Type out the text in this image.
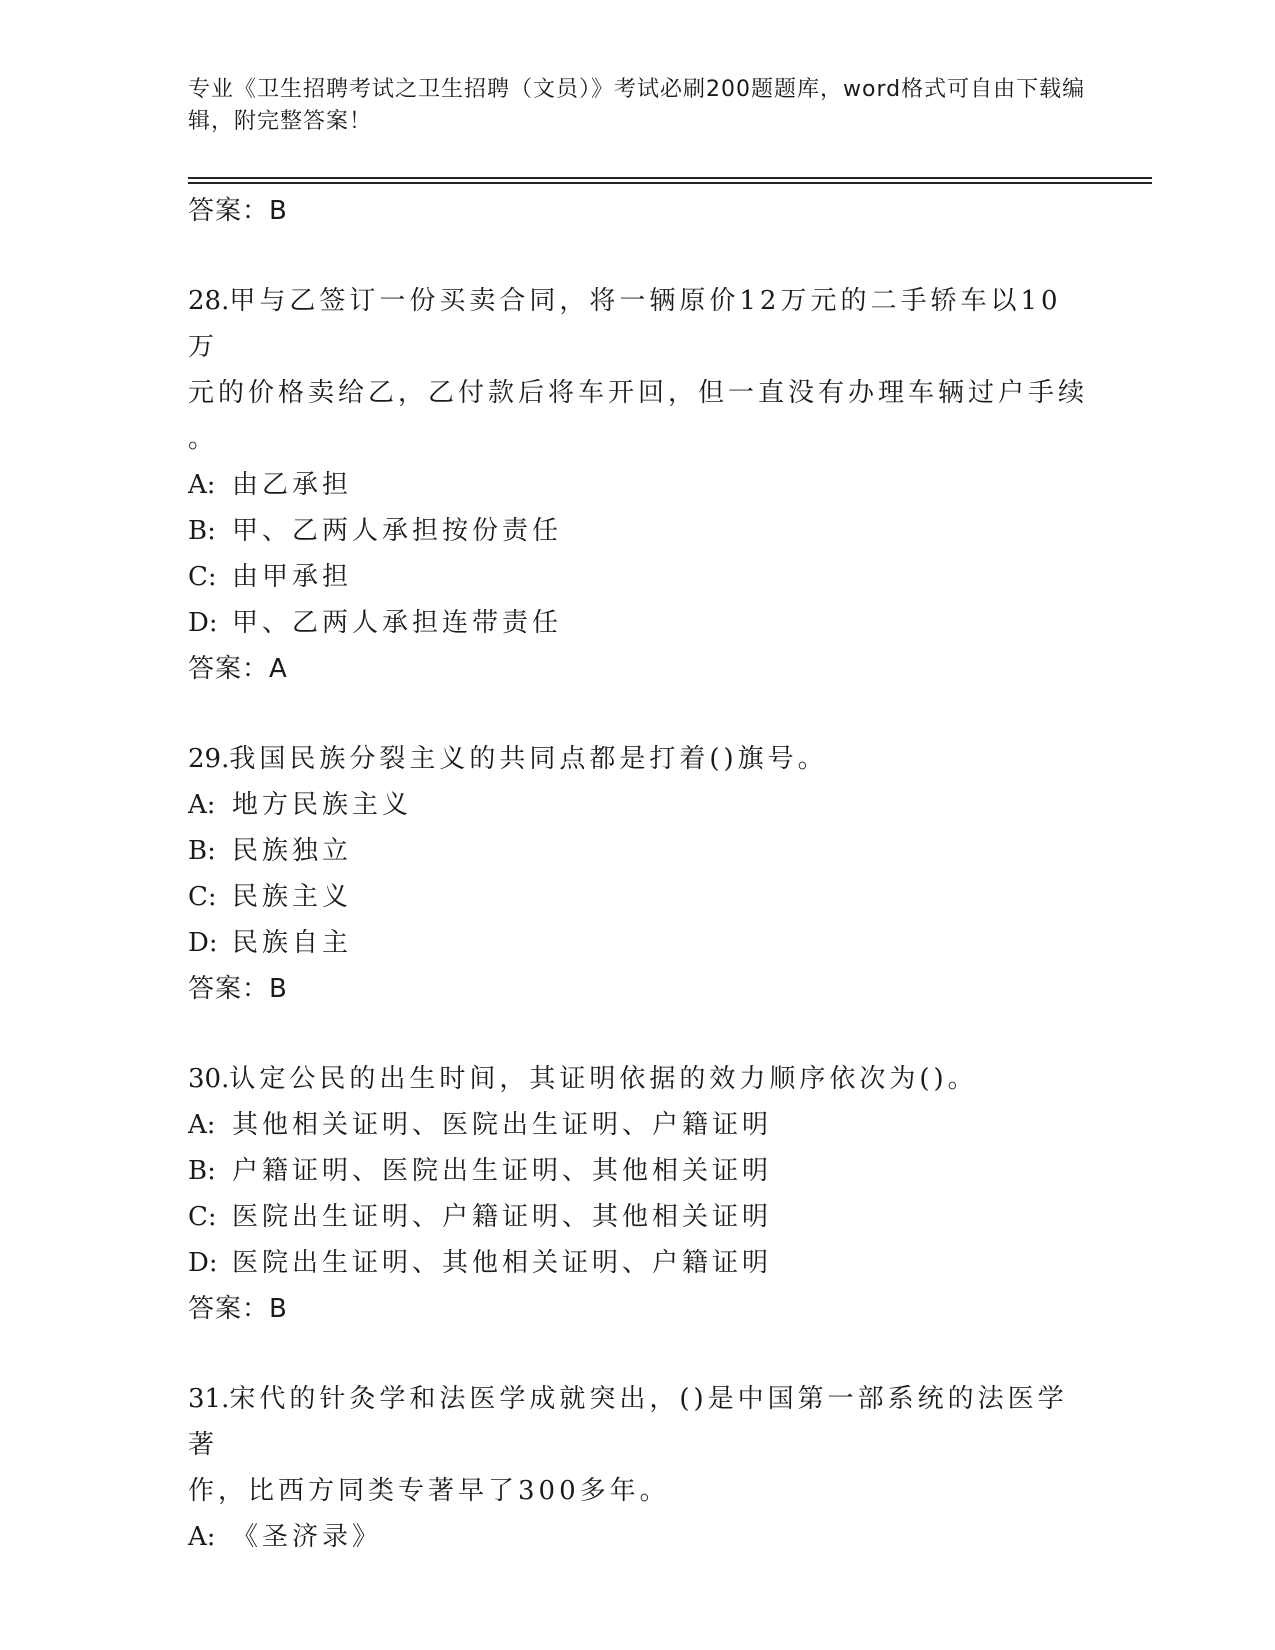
专业《卫生招聘考试之卫生招聘（文员）》考试必刷200题题库，word格式可自由下载编辑，附完整答案！
答案：B
28.甲与乙签订一份买卖合同，将一辆原价12万元的二手轿车以10万
元的价格卖给乙，乙付款后将车开回，但一直没有办理车辆过户手续
。
A: 由乙承担
B: 甲、乙两人承担按份责任
C: 由甲承担
D: 甲、乙两人承担连带责任
答案：A
29.我国民族分裂主义的共同点都是打着()旗号。
A: 地方民族主义
B: 民族独立
C: 民族主义
D: 民族自主
答案：B
30.认定公民的出生时间，其证明依据的效力顺序依次为()。
A: 其他相关证明、医院出生证明、户籍证明
B: 户籍证明、医院出生证明、其他相关证明
C: 医院出生证明、户籍证明、其他相关证明
D: 医院出生证明、其他相关证明、户籍证明
答案：B
31.宋代的针灸学和法医学成就突出，()是中国第一部系统的法医学著
作，比西方同类专著早了300多年。
A: 《圣济录》
